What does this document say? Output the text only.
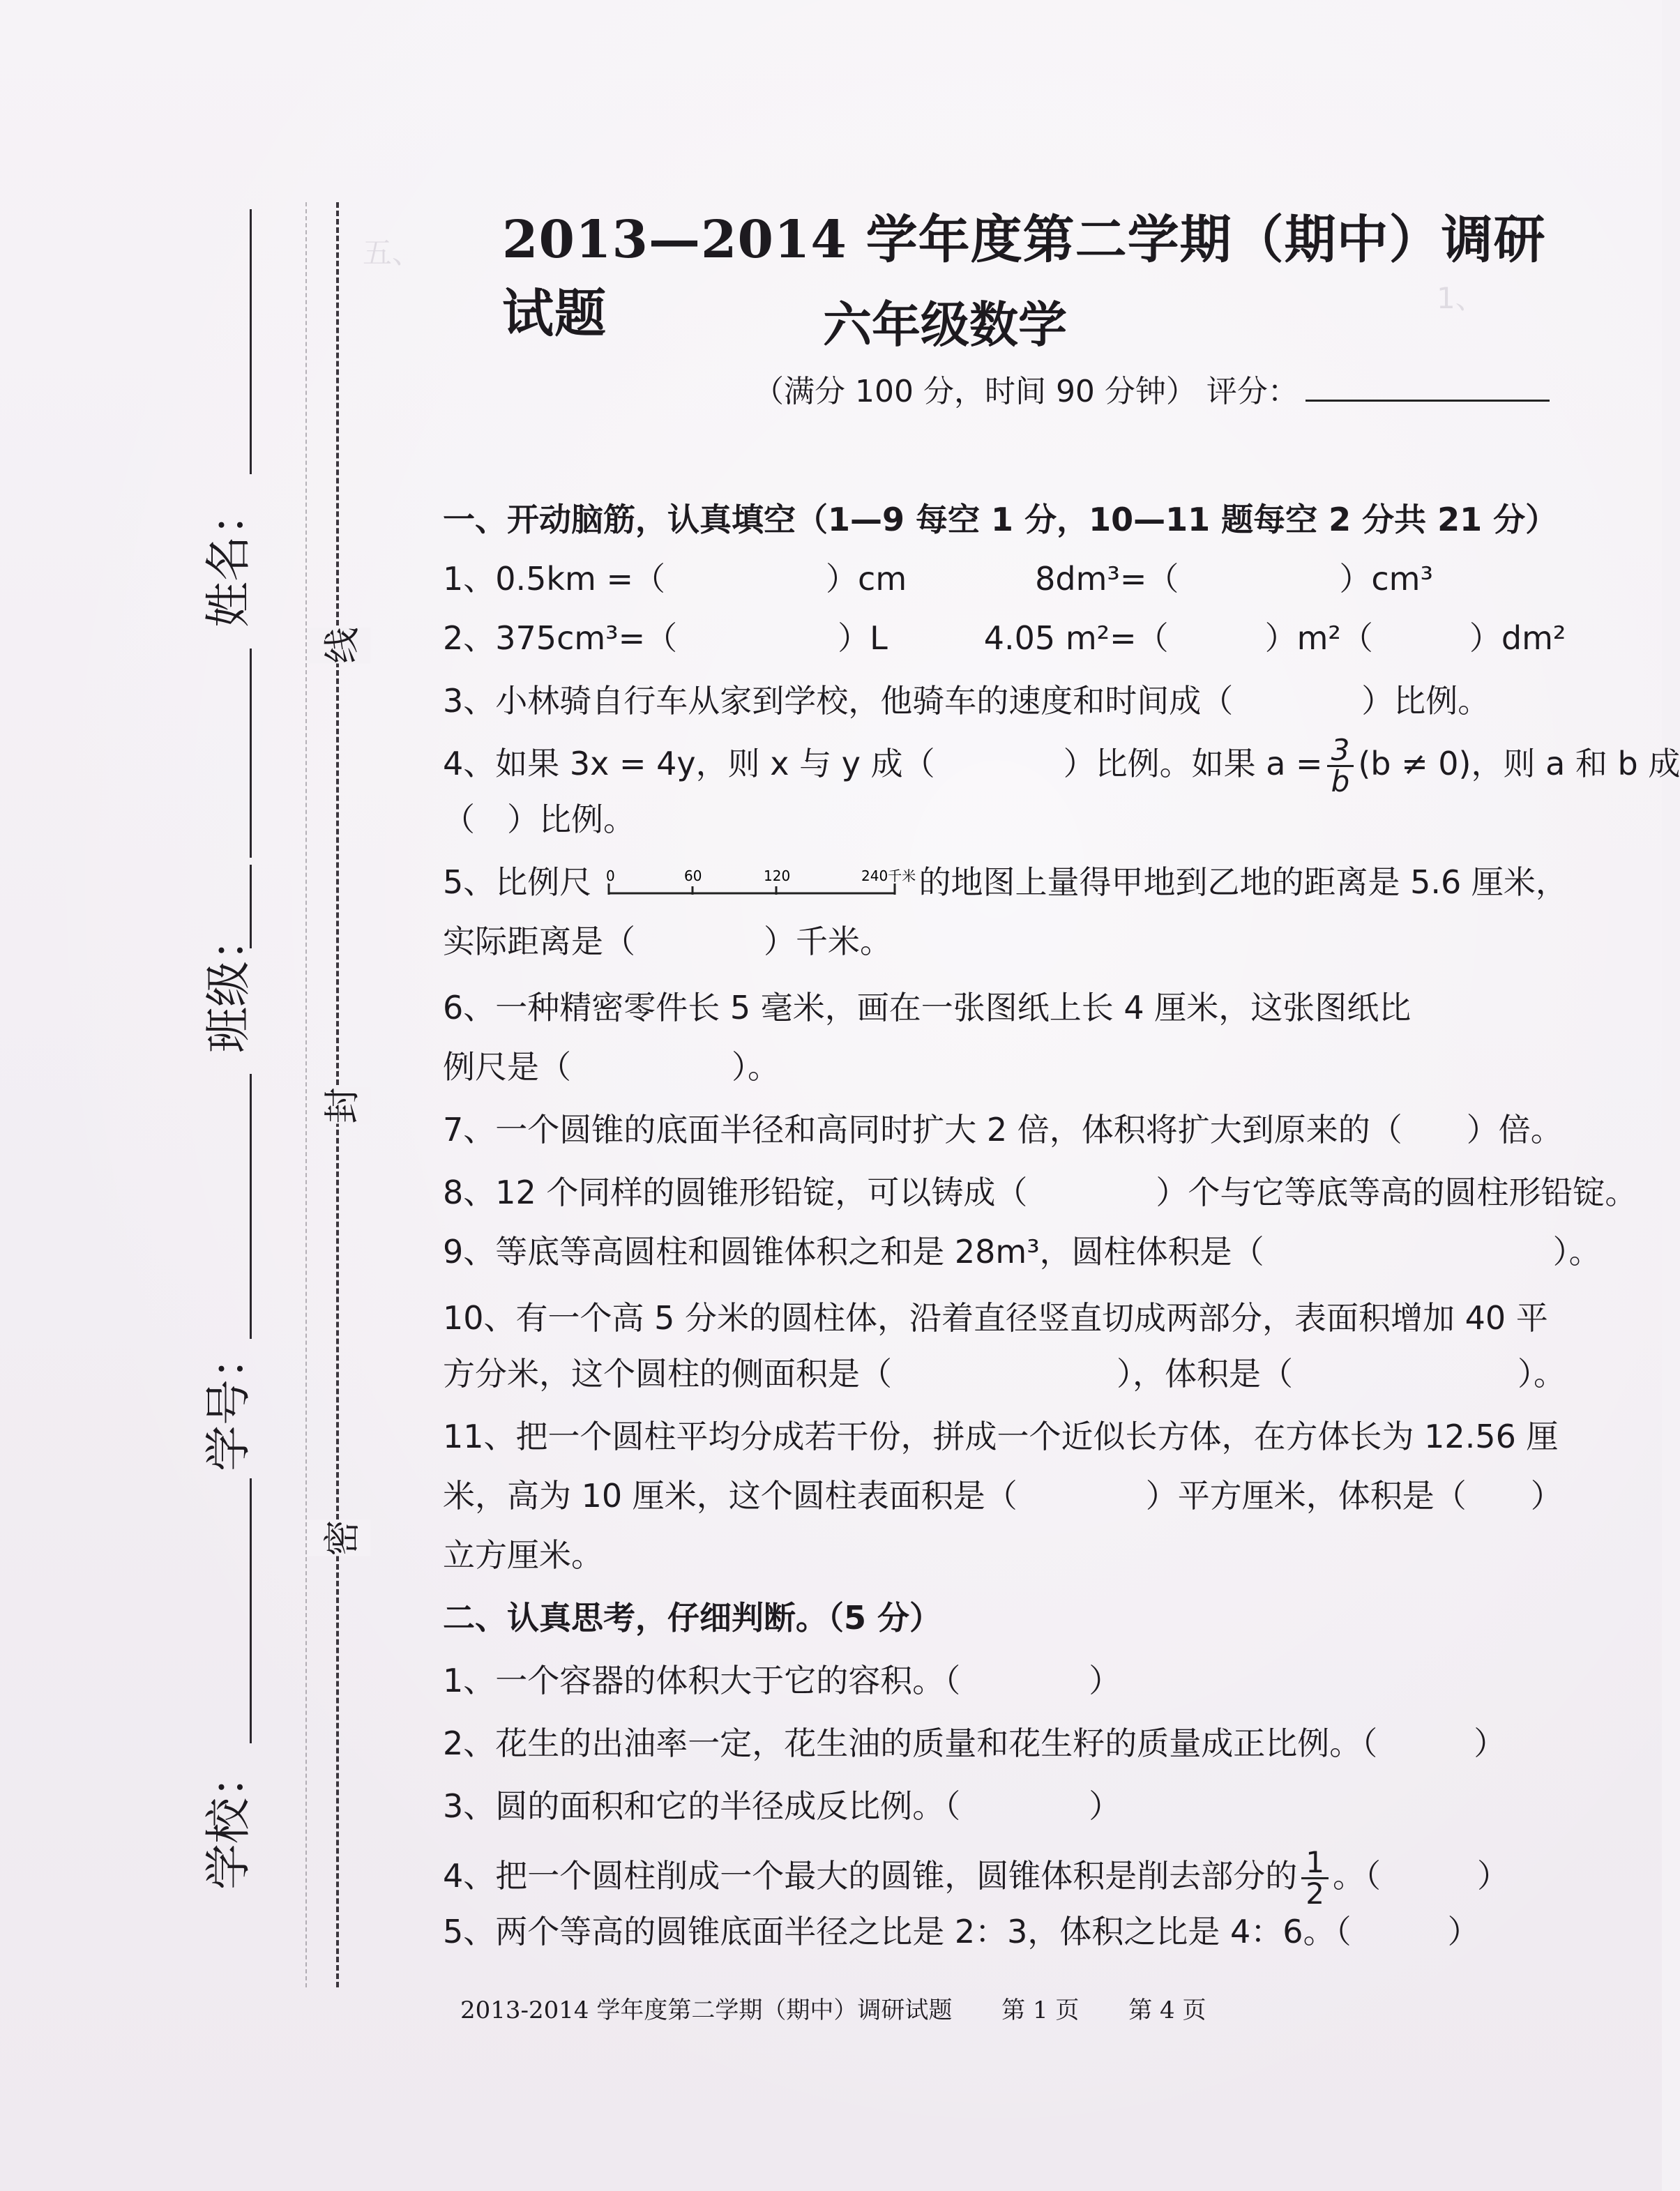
五、
1、
姓名：
班级：
学号：
学校：
线
封
密
2013—2014 学年度第二学期（期中）调研试题	六年级数学
（满分 100 分，时间 90 分钟） 评分：
一、开动脑筋，认真填空（1—9 每空 1 分，10—11 题每空 2 分共 21 分）
1、0.5km =（　　　　　）cm　　　　8dm³=（　　　　　）cm³
2、375cm³=（　　　　　）L　　　4.05 m²=（　　　）m²（　　　）dm²
3、小林骑自行车从家到学校，他骑车的速度和时间成（　　　　）比例。
4、如果 3x = 4y，则 x 与 y 成（　　　　）比例。如果 $a = \frac{3}{b} (b \ne 0)$，则 a 和 b 成
（　）比例。
5、比例尺 0	60	120	240千米 的地图上量得甲地到乙地的距离是 5.6 厘米，
实际距离是（　　　　）千米。
6、一种精密零件长 5 毫米，画在一张图纸上长 4 厘米，这张图纸比
例尺是（　　　　　）。
7、一个圆锥的底面半径和高同时扩大 2 倍，体积将扩大到原来的（　　）倍。
8、12 个同样的圆锥形铅锭，可以铸成（　　　　）个与它等底等高的圆柱形铅锭。
9、等底等高圆柱和圆锥体积之和是 28m³，圆柱体积是（　　　　　　　　　）。
10、有一个高 5 分米的圆柱体，沿着直径竖直切成两部分，表面积增加 40 平
方分米，这个圆柱的侧面积是（　　　　　　　），体积是（　　　　　　　）。
11、把一个圆柱平均分成若干份，拼成一个近似长方体，在方体长为 12.56 厘
米，高为 10 厘米，这个圆柱表面积是（　　　　）平方厘米，体积是（　　）
立方厘米。
二、认真思考，仔细判断。（5 分）
1、一个容器的体积大于它的容积。（　　　　）
2、花生的出油率一定，花生油的质量和花生籽的质量成正比例。（　　　）
3、圆的面积和它的半径成反比例。（　　　　）
4、把一个圆柱削成一个最大的圆锥，圆锥体积是削去部分的 $\frac{1}{2}$ 。（　　　）
5、两个等高的圆锥底面半径之比是 2：3，体积之比是 4：6。（　　　）
2013-2014 学年度第二学期（期中）调研试题 第 1 页 第 4 页
